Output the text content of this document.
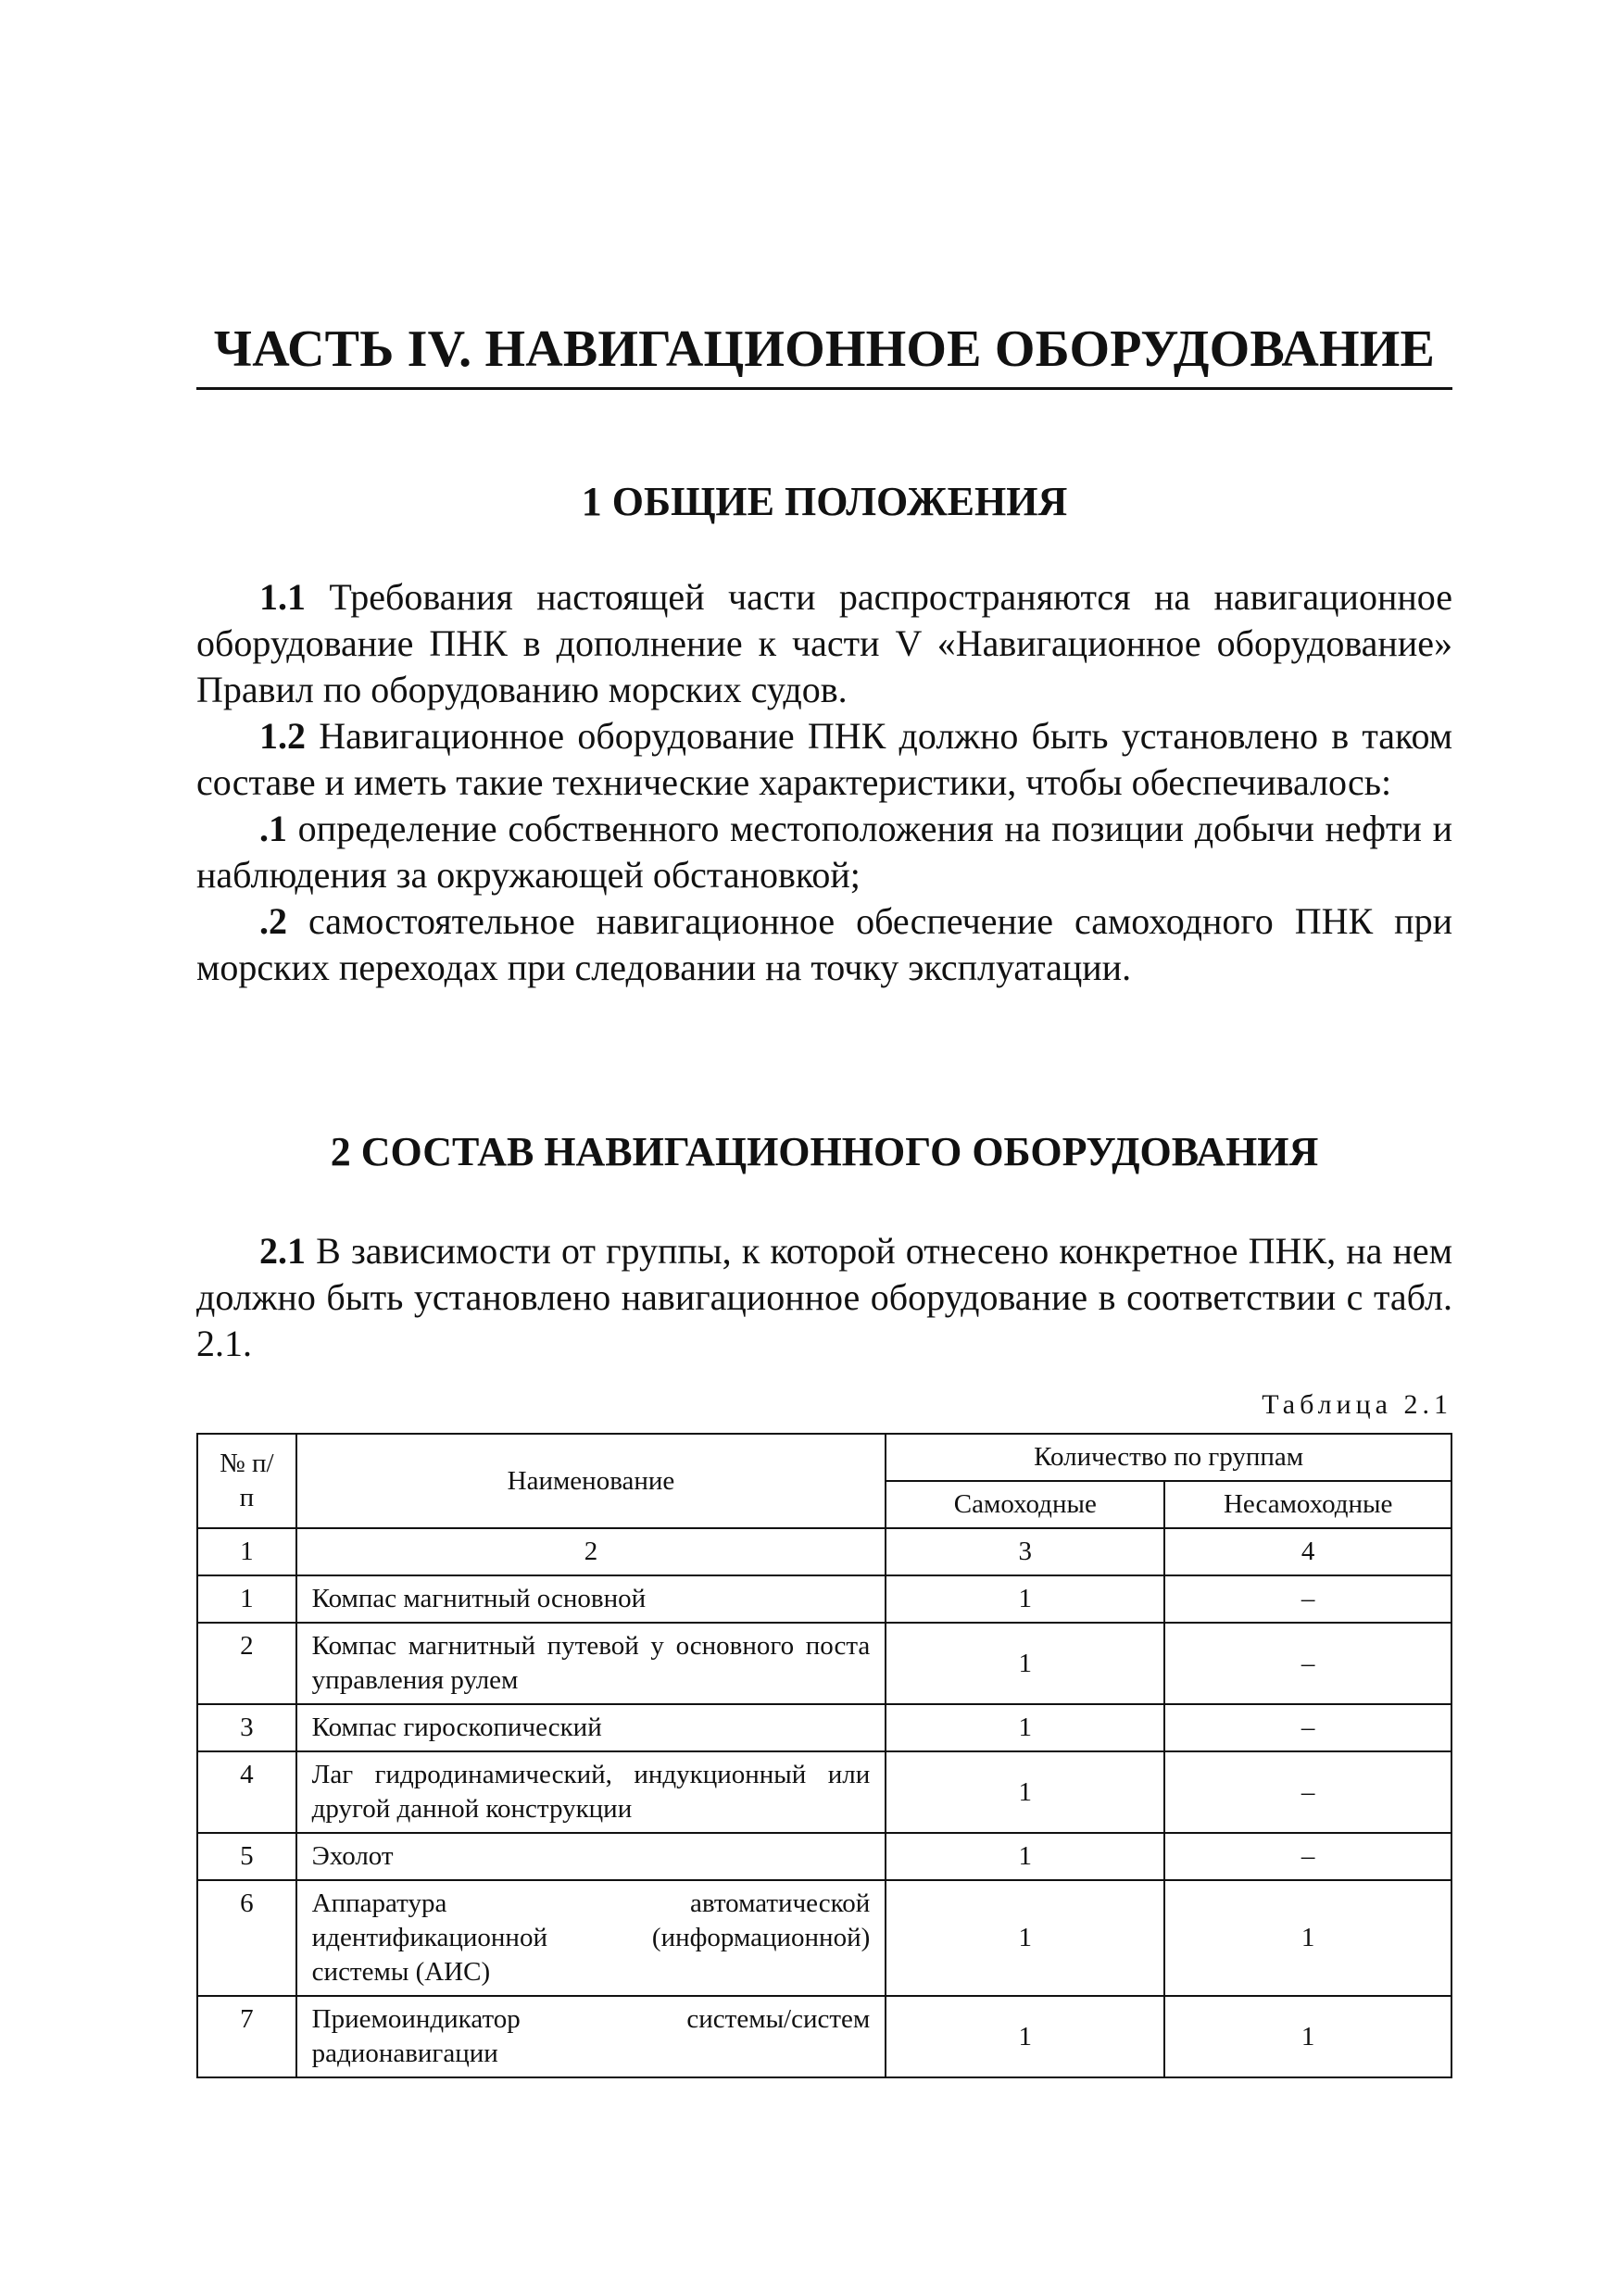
ЧАСТЬ IV. НАВИГАЦИОННОЕ ОБОРУДОВАНИЕ
1 ОБЩИЕ ПОЛОЖЕНИЯ

1.1 Требования настоящей части распространяются на навигационное оборудование ПНК в дополнение к части V «Навигационное оборудование» Правил по оборудованию морских судов.

1.2 Навигационное оборудование ПНК должно быть установлено в таком составе и иметь такие технические характеристики, чтобы обеспечивалось:

.1 определение собственного местоположения на позиции добычи нефти и наблюдения за окружающей обстановкой;

.2 самостоятельное навигационное обеспечение самоходного ПНК при морских переходах при следовании на точку эксплуатации.

2 СОСТАВ НАВИГАЦИОННОГО ОБОРУДОВАНИЯ

2.1 В зависимости от группы, к которой отнесено конкретное ПНК, на нем должно быть установлено навигационное оборудование в соответствии с табл. 2.1.

Таблица 2.1
№ п/п	Наименование	Количество по группам	
		Самоходные	Несамоходные
1	2	3	4
1	Компас магнитный основной	1	–
2	Компас магнитный путевой у основного поста управления рулем	1	–
3	Компас гироскопический	1	–
4	Лаг гидродинамический, индукционный или другой данной конструкции	1	–
5	Эхолот	1	–
6	Аппаратура автоматической идентификационной (информационной) системы (АИС)	1	1
7	Приемоиндикатор системы/систем радионавигации	1	1
